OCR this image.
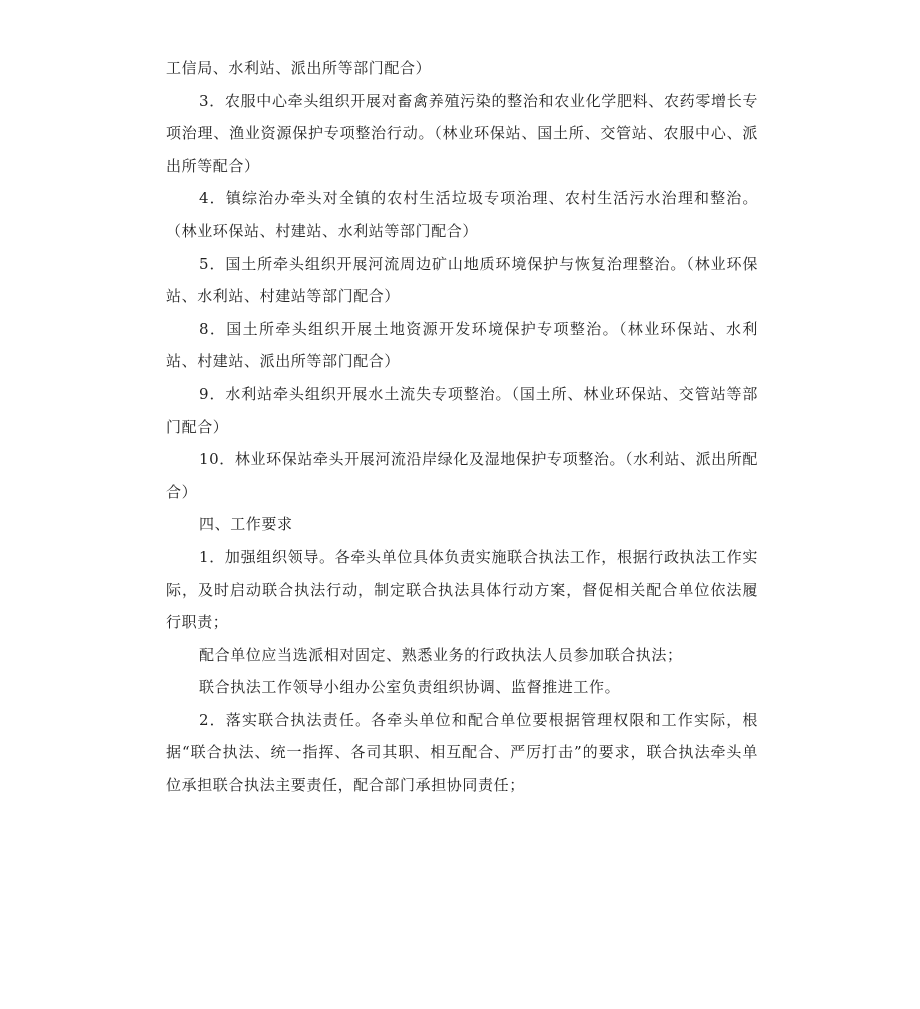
工信局、水利站、派出所等部门配合）

3．农服中心牵头组织开展对畜禽养殖污染的整治和农业化学肥料、农药零增长专项治理、渔业资源保护专项整治行动。（林业环保站、国土所、交管站、农服中心、派出所等配合）

4．镇综治办牵头对全镇的农村生活垃圾专项治理、农村生活污水治理和整治。（林业环保站、村建站、水利站等部门配合）

5．国土所牵头组织开展河流周边矿山地质环境保护与恢复治理整治。（林业环保站、水利站、村建站等部门配合）

8．国土所牵头组织开展土地资源开发环境保护专项整治。（林业环保站、水利站、村建站、派出所等部门配合）

9．水利站牵头组织开展水土流失专项整治。（国土所、林业环保站、交管站等部门配合）

10．林业环保站牵头开展河流沿岸绿化及湿地保护专项整治。（水利站、派出所配合）

四、工作要求

1．加强组织领导。各牵头单位具体负责实施联合执法工作，根据行政执法工作实际，及时启动联合执法行动，制定联合执法具体行动方案，督促相关配合单位依法履行职责；

配合单位应当选派相对固定、熟悉业务的行政执法人员参加联合执法；

联合执法工作领导小组办公室负责组织协调、监督推进工作。

2．落实联合执法责任。各牵头单位和配合单位要根据管理权限和工作实际，根据“联合执法、统一指挥、各司其职、相互配合、严厉打击”的要求，联合执法牵头单位承担联合执法主要责任，配合部门承担协同责任；
